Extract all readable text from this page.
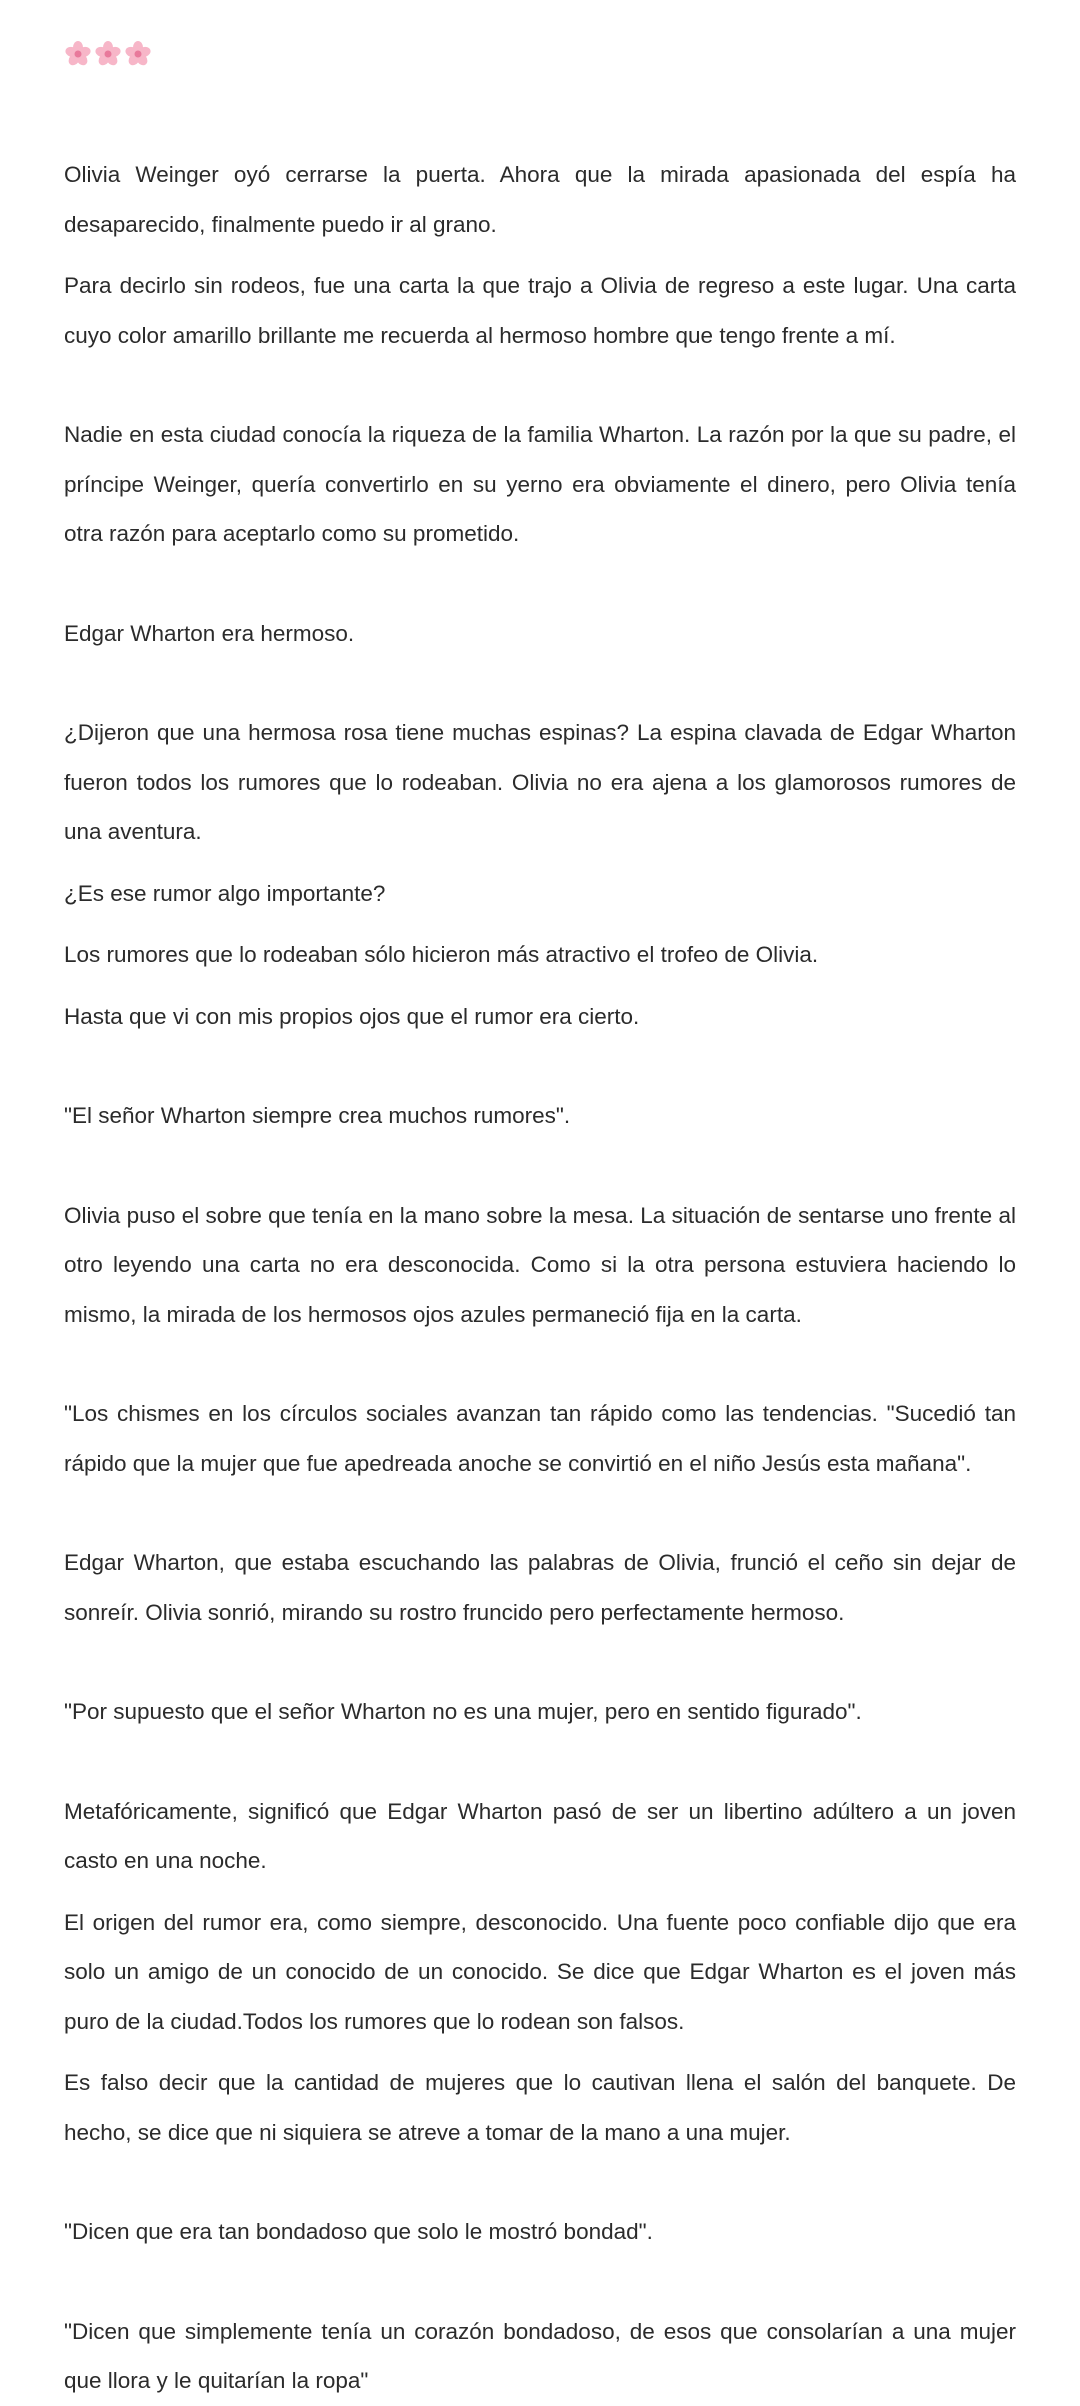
Olivia Weinger oyó cerrarse la puerta. Ahora que la mirada apasionada del espía ha desaparecido, finalmente puedo ir al grano.

Para decirlo sin rodeos, fue una carta la que trajo a Olivia de regreso a este lugar. Una carta cuyo color amarillo brillante me recuerda al hermoso hombre que tengo frente a mí.

Nadie en esta ciudad conocía la riqueza de la familia Wharton. La razón por la que su padre, el príncipe Weinger, quería convertirlo en su yerno era obviamente el dinero, pero Olivia tenía otra razón para aceptarlo como su prometido.

Edgar Wharton era hermoso.

¿Dijeron que una hermosa rosa tiene muchas espinas? La espina clavada de Edgar Wharton fueron todos los rumores que lo rodeaban. Olivia no era ajena a los glamorosos rumores de una aventura.

¿Es ese rumor algo importante?

Los rumores que lo rodeaban sólo hicieron más atractivo el trofeo de Olivia.

Hasta que vi con mis propios ojos que el rumor era cierto.

"El señor Wharton siempre crea muchos rumores".

Olivia puso el sobre que tenía en la mano sobre la mesa. La situación de sentarse uno frente al otro leyendo una carta no era desconocida. Como si la otra persona estuviera haciendo lo mismo, la mirada de los hermosos ojos azules permaneció fija en la carta.

"Los chismes en los círculos sociales avanzan tan rápido como las tendencias. "Sucedió tan rápido que la mujer que fue apedreada anoche se convirtió en el niño Jesús esta mañana".

Edgar Wharton, que estaba escuchando las palabras de Olivia, frunció el ceño sin dejar de sonreír. Olivia sonrió, mirando su rostro fruncido pero perfectamente hermoso.

"Por supuesto que el señor Wharton no es una mujer, pero en sentido figurado".

Metafóricamente, significó que Edgar Wharton pasó de ser un libertino adúltero a un joven casto en una noche.

El origen del rumor era, como siempre, desconocido. Una fuente poco confiable dijo que era solo un amigo de un conocido de un conocido. Se dice que Edgar Wharton es el joven más puro de la ciudad.Todos los rumores que lo rodean son falsos.

Es falso decir que la cantidad de mujeres que lo cautivan llena el salón del banquete. De hecho, se dice que ni siquiera se atreve a tomar de la mano a una mujer.

"Dicen que era tan bondadoso que solo le mostró bondad".

"Dicen que simplemente tenía un corazón bondadoso, de esos que consolarían a una mujer que llora y le quitarían la ropa"
